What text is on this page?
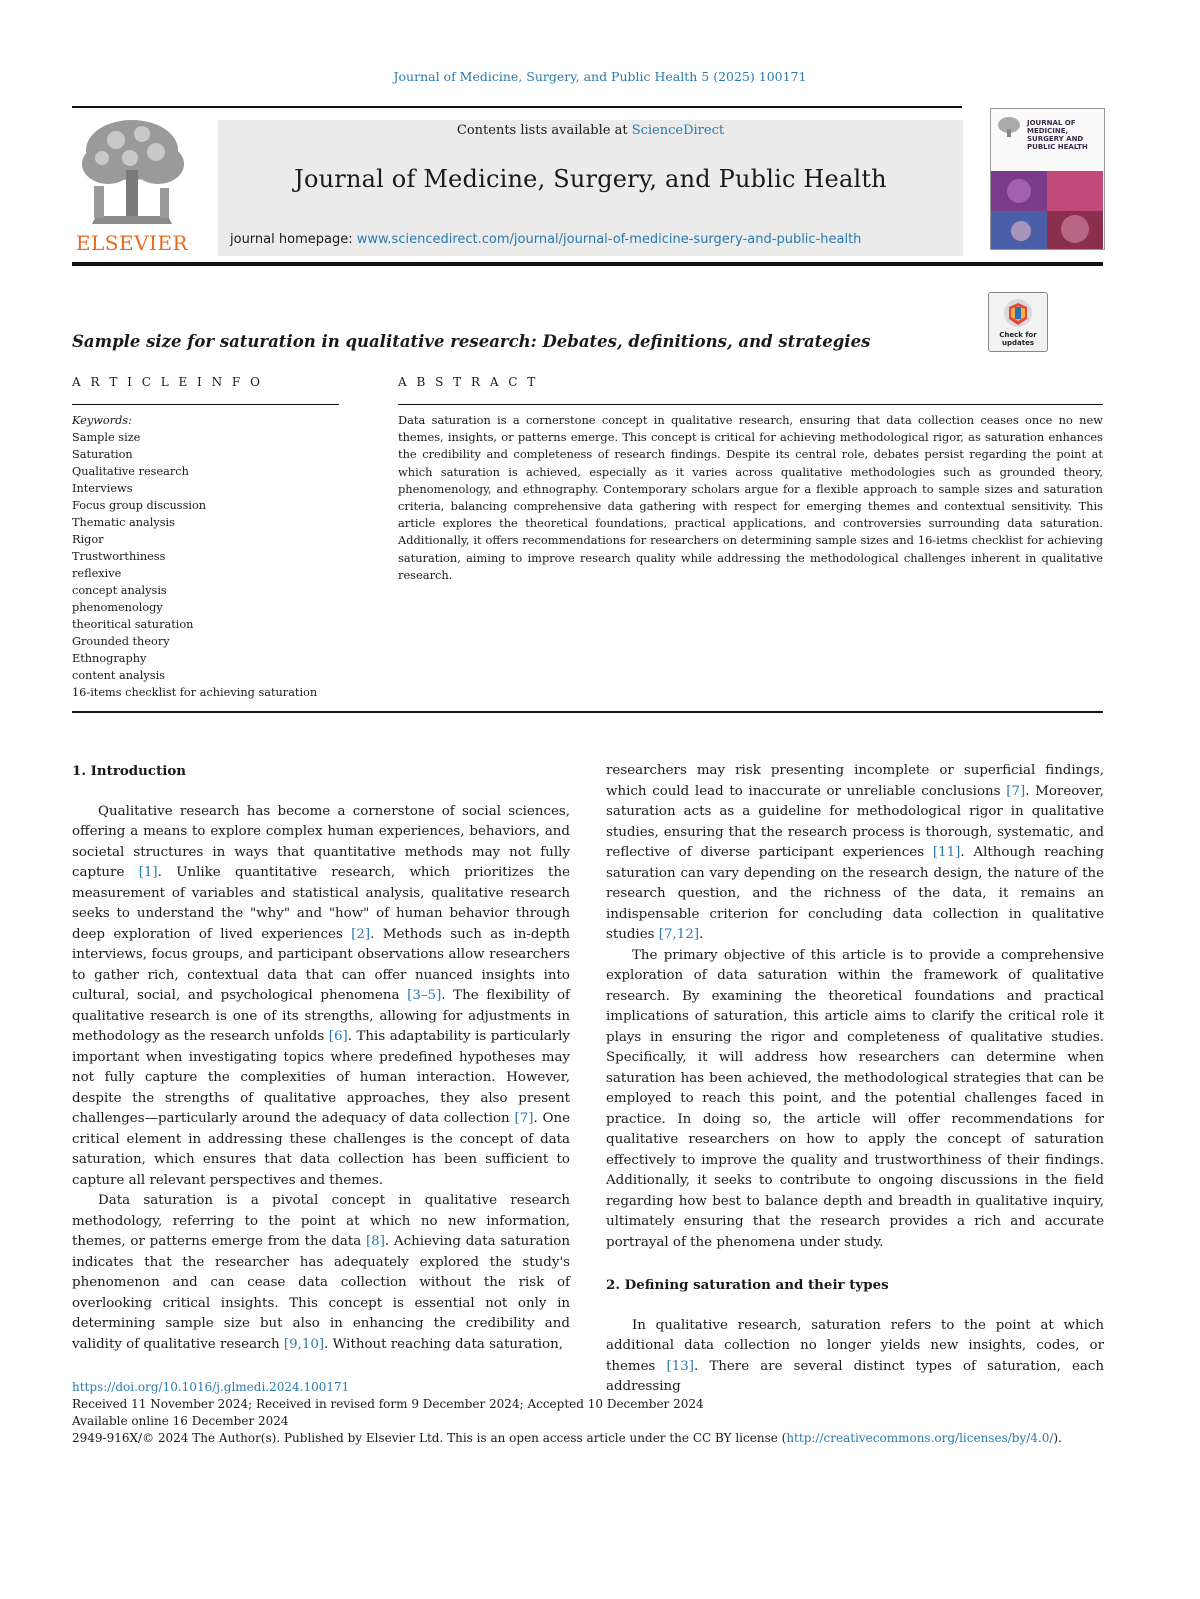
Journal of Medicine, Surgery, and Public Health 5 (2025) 100171
ELSEVIER
Contents lists available at ScienceDirect
Journal of Medicine, Surgery, and Public Health
journal homepage: www.sciencedirect.com/journal/journal-of-medicine-surgery-and-public-health
JOURNAL OF MEDICINE, SURGERY AND PUBLIC HEALTH
Check for updates
Sample size for saturation in qualitative research: Debates, definitions, and strategies
A R T I C L E I N F O	A B S T R A C T
Keywords:
Sample size
Saturation
Qualitative research
Interviews
Focus group discussion
Thematic analysis
Rigor
Trustworthiness
reflexive
concept analysis
phenomenology
theoritical saturation
Grounded theory
Ethnography
content analysis
16-items checklist for achieving saturation
Data saturation is a cornerstone concept in qualitative research, ensuring that data collection ceases once no new themes, insights, or patterns emerge. This concept is critical for achieving methodological rigor, as saturation enhances the credibility and completeness of research findings. Despite its central role, debates persist regarding the point at which saturation is achieved, especially as it varies across qualitative methodologies such as grounded theory, phenomenology, and ethnography. Contemporary scholars argue for a flexible approach to sample sizes and saturation criteria, balancing comprehensive data gathering with respect for emerging themes and contextual sensitivity. This article explores the theoretical foundations, practical applications, and controversies surrounding data saturation. Additionally, it offers recommendations for researchers on determining sample sizes and 16-ietms checklist for achieving saturation, aiming to improve research quality while addressing the methodological challenges inherent in qualitative research.
1. Introduction

Qualitative research has become a cornerstone of social sciences, offering a means to explore complex human experiences, behaviors, and societal structures in ways that quantitative methods may not fully capture [1]. Unlike quantitative research, which prioritizes the measurement of variables and statistical analysis, qualitative research seeks to understand the "why" and "how" of human behavior through deep exploration of lived experiences [2]. Methods such as in-depth interviews, focus groups, and participant observations allow researchers to gather rich, contextual data that can offer nuanced insights into cultural, social, and psychological phenomena [3–5]. The flexibility of qualitative research is one of its strengths, allowing for adjustments in methodology as the research unfolds [6]. This adaptability is particularly important when investigating topics where predefined hypotheses may not fully capture the complexities of human interaction. However, despite the strengths of qualitative approaches, they also present challenges—particularly around the adequacy of data collection [7]. One critical element in addressing these challenges is the concept of data saturation, which ensures that data collection has been sufficient to capture all relevant perspectives and themes.

Data saturation is a pivotal concept in qualitative research methodology, referring to the point at which no new information, themes, or patterns emerge from the data [8]. Achieving data saturation indicates that the researcher has adequately explored the study's phenomenon and can cease data collection without the risk of overlooking critical insights. This concept is essential not only in determining sample size but also in enhancing the credibility and validity of qualitative research [9,10]. Without reaching data saturation,

https://doi.org/10.1016/j.glmedi.2024.100171
Received 11 November 2024; Received in revised form 9 December 2024; Accepted 10 December 2024
Available online 16 December 2024
2949-916X/© 2024 The Author(s). Published by Elsevier Ltd. This is an open access article under the CC BY license (http://creativecommons.org/licenses/by/4.0/).

researchers may risk presenting incomplete or superficial findings, which could lead to inaccurate or unreliable conclusions [7]. Moreover, saturation acts as a guideline for methodological rigor in qualitative studies, ensuring that the research process is thorough, systematic, and reflective of diverse participant experiences [11]. Although reaching saturation can vary depending on the research design, the nature of the research question, and the richness of the data, it remains an indispensable criterion for concluding data collection in qualitative studies [7,12].

The primary objective of this article is to provide a comprehensive exploration of data saturation within the framework of qualitative research. By examining the theoretical foundations and practical implications of saturation, this article aims to clarify the critical role it plays in ensuring the rigor and completeness of qualitative studies. Specifically, it will address how researchers can determine when saturation has been achieved, the methodological strategies that can be employed to reach this point, and the potential challenges faced in practice. In doing so, the article will offer recommendations for qualitative researchers on how to apply the concept of saturation effectively to improve the quality and trustworthiness of their findings. Additionally, it seeks to contribute to ongoing discussions in the field regarding how best to balance depth and breadth in qualitative inquiry, ultimately ensuring that the research provides a rich and accurate portrayal of the phenomena under study.

2. Defining saturation and their types

In qualitative research, saturation refers to the point at which additional data collection no longer yields new insights, codes, or themes [13]. There are several distinct types of saturation, each addressing
